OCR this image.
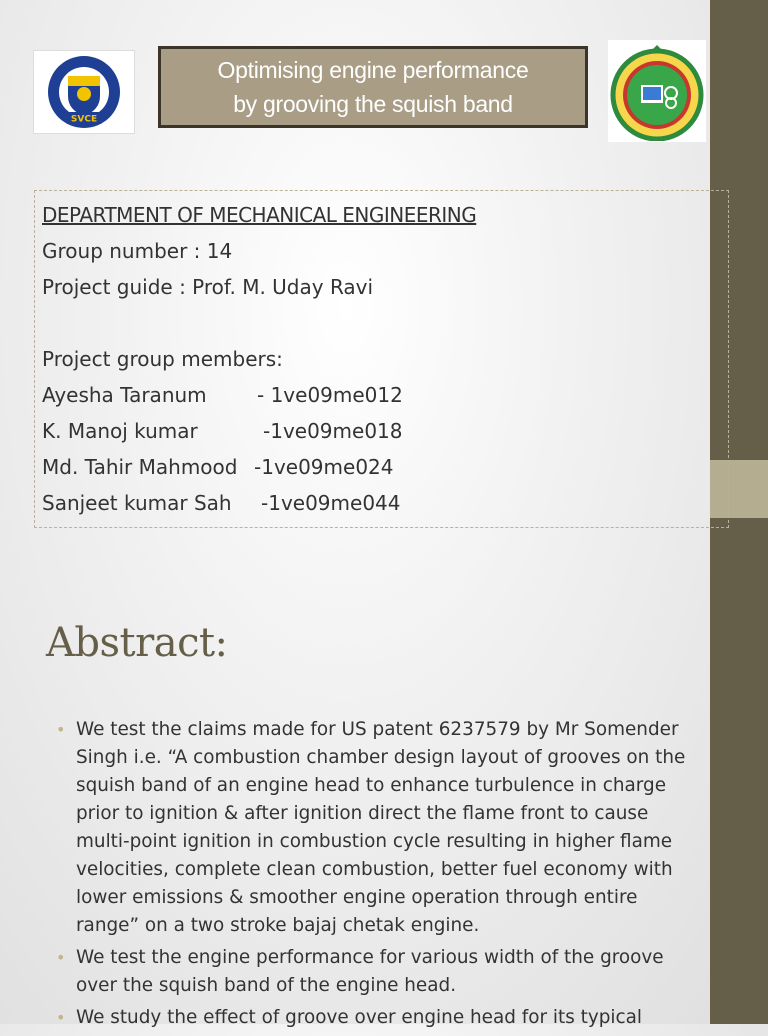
SVCE
Optimising engine performance
by grooving the squish band
DEPARTMENT OF MECHANICAL ENGINEERING
Group number : 14
Project guide : Prof. M. Uday Ravi
Project group members:
Ayesha Taranum	- 1ve09me012
K. Manoj kumar	-1ve09me018
Md. Tahir Mahmood -1ve09me024
Sanjeet kumar Sah -1ve09me044
Abstract:
• We test the claims made for US patent 6237579 by Mr Somender Singh i.e. “A combustion chamber design layout of grooves on the squish band of an engine head to enhance turbulence in charge prior to ignition & after ignition direct the flame front to cause multi-point ignition in combustion cycle resulting in higher flame velocities, complete clean combustion, better fuel economy with lower emissions & smoother engine operation through entire range” on a two stroke bajaj chetak engine.
• We test the engine performance for various width of the groove over the squish band of the engine head.
• We study the effect of groove over engine head for its typical
